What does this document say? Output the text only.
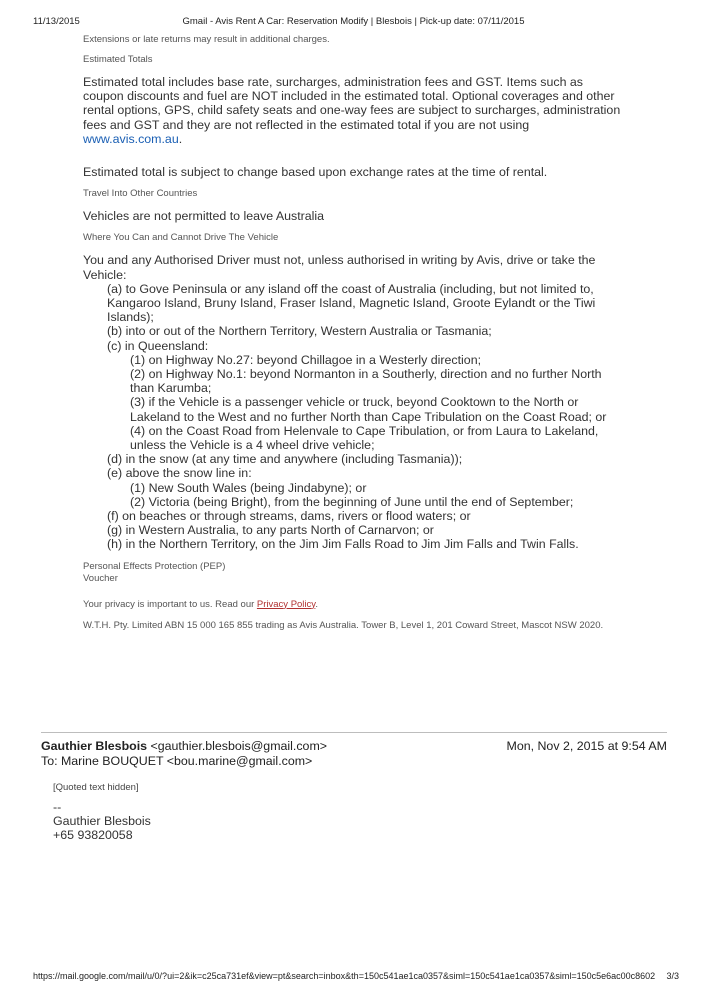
11/13/2015	Gmail - Avis Rent A Car: Reservation Modify | Blesbois | Pick-up date: 07/11/2015
Extensions or late returns may result in additional charges.
Estimated Totals
Estimated total includes base rate, surcharges, administration fees and GST. Items such as coupon discounts and fuel are NOT included in the estimated total. Optional coverages and other rental options, GPS, child safety seats and one-way fees are subject to surcharges, administration fees and GST and they are not reflected in the estimated total if you are not using www.avis.com.au.
Estimated total is subject to change based upon exchange rates at the time of rental.
Travel Into Other Countries
Vehicles are not permitted to leave Australia
Where You Can and Cannot Drive The Vehicle
You and any Authorised Driver must not, unless authorised in writing by Avis, drive or take the Vehicle:
(a) to Gove Peninsula or any island off the coast of Australia (including, but not limited to, Kangaroo Island, Bruny Island, Fraser Island, Magnetic Island, Groote Eylandt or the Tiwi Islands);
(b) into or out of the Northern Territory, Western Australia or Tasmania;
(c) in Queensland:
(1) on Highway No.27: beyond Chillagoe in a Westerly direction;
(2) on Highway No.1: beyond Normanton in a Southerly, direction and no further North than Karumba;
(3) if the Vehicle is a passenger vehicle or truck, beyond Cooktown to the North or Lakeland to the West and no further North than Cape Tribulation on the Coast Road; or
(4) on the Coast Road from Helenvale to Cape Tribulation, or from Laura to Lakeland, unless the Vehicle is a 4 wheel drive vehicle;
(d) in the snow (at any time and anywhere (including Tasmania));
(e) above the snow line in:
(1) New South Wales (being Jindabyne); or
(2) Victoria (being Bright), from the beginning of June until the end of September;
(f) on beaches or through streams, dams, rivers or flood waters; or
(g) in Western Australia, to any parts North of Carnarvon; or
(h) in the Northern Territory, on the Jim Jim Falls Road to Jim Jim Falls and Twin Falls.
Personal Effects Protection (PEP)
Voucher
Your privacy is important to us. Read our Privacy Policy.
W.T.H. Pty. Limited ABN 15 000 165 855 trading as Avis Australia. Tower B, Level 1, 201 Coward Street, Mascot NSW 2020.
Gauthier Blesbois <gauthier.blesbois@gmail.com>
To: Marine BOUQUET <bou.marine@gmail.com>
Mon, Nov 2, 2015 at 9:54 AM
[Quoted text hidden]
--
Gauthier Blesbois
+65 93820058
https://mail.google.com/mail/u/0/?ui=2&ik=c25ca731ef&view=pt&search=inbox&th=150c541ae1ca0357&siml=150c541ae1ca0357&siml=150c5e6ac00c8602 3/3
